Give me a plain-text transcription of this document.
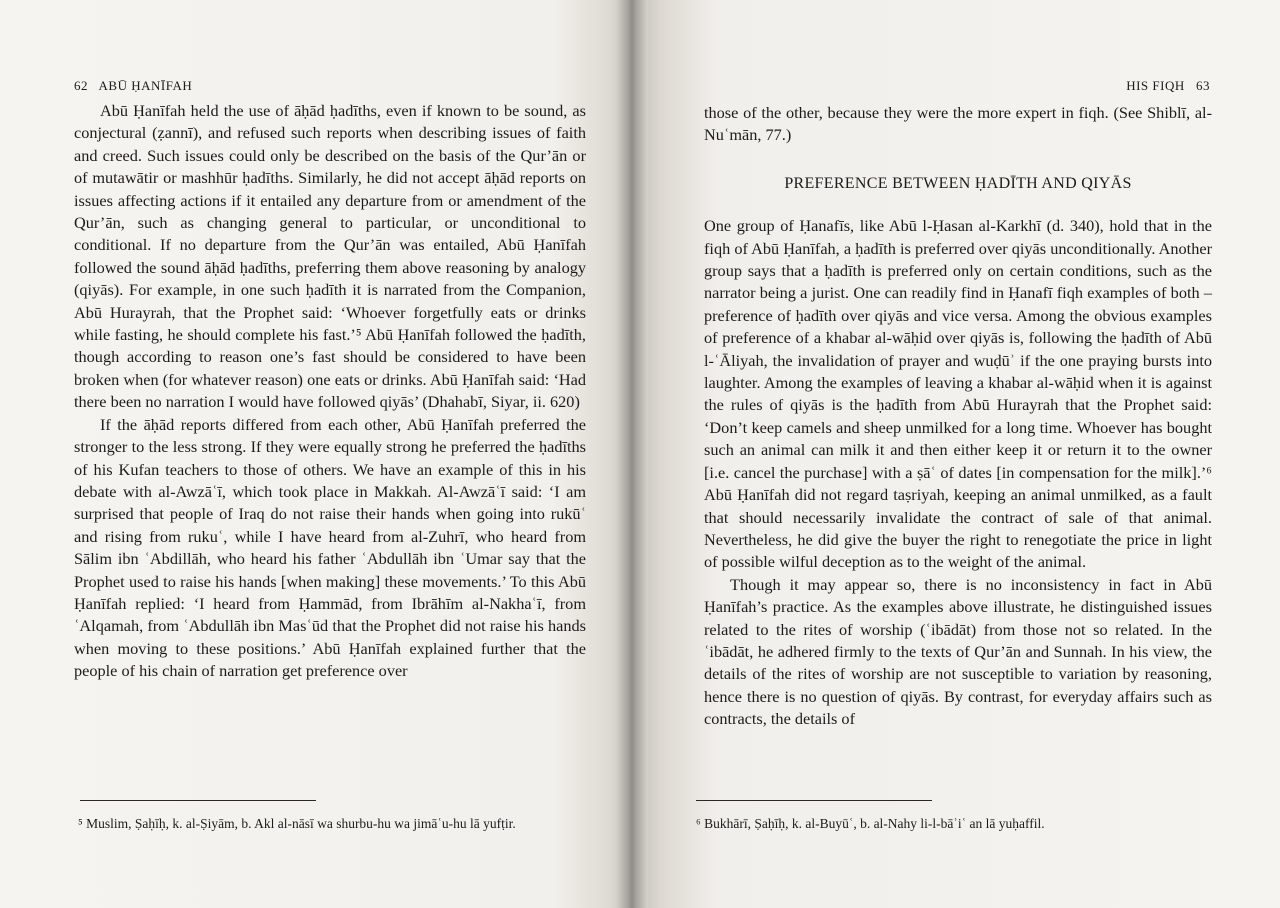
62 ABŪ ḤANĪFAH

Abū Ḥanīfah held the use of āḥād ḥadīths, even if known to be sound, as conjectural (ẓannī), and refused such reports when describing issues of faith and creed. Such issues could only be described on the basis of the Qur’ān or of mutawātir or mashhūr ḥadīths. Similarly, he did not accept āḥād reports on issues affecting actions if it entailed any departure from or amendment of the Qur’ān, such as changing general to particular, or unconditional to conditional. If no departure from the Qur’ān was entailed, Abū Ḥanīfah followed the sound āḥād ḥadīths, preferring them above reasoning by analogy (qiyās). For example, in one such ḥadīth it is narrated from the Companion, Abū Hurayrah, that the Prophet said: ‘Whoever forgetfully eats or drinks while fasting, he should complete his fast.’⁵ Abū Ḥanīfah followed the ḥadīth, though according to reason one’s fast should be considered to have been broken when (for whatever reason) one eats or drinks. Abū Ḥanīfah said: ‘Had there been no narration I would have followed qiyās’ (Dhahabī, Siyar, ii. 620)

If the āḥād reports differed from each other, Abū Ḥanīfah preferred the stronger to the less strong. If they were equally strong he preferred the ḥadīths of his Kufan teachers to those of others. We have an example of this in his debate with al-Awzāʿī, which took place in Makkah. Al-Awzāʿī said: ‘I am surprised that people of Iraq do not raise their hands when going into rukūʿ and rising from rukuʿ, while I have heard from al-Zuhrī, who heard from Sālim ibn ʿAbdillāh, who heard his father ʿAbdullāh ibn ʿUmar say that the Prophet used to raise his hands [when making] these movements.’ To this Abū Ḥanīfah replied: ‘I heard from Ḥammād, from Ibrāhīm al-Nakhaʿī, from ʿAlqamah, from ʿAbdullāh ibn Masʿūd that the Prophet did not raise his hands when moving to these positions.’ Abū Ḥanīfah explained further that the people of his chain of narration get preference over

⁵ Muslim, Ṣaḥīḥ, k. al-Ṣiyām, b. Akl al-nāsī wa shurbu-hu wa jimāʿu-hu lā yufṭir.
HIS FIQH 63

those of the other, because they were the more expert in fiqh. (See Shiblī, al-Nuʿmān, 77.)

PREFERENCE BETWEEN ḤADĪTH AND QIYĀS

One group of Ḥanafīs, like Abū l-Ḥasan al-Karkhī (d. 340), hold that in the fiqh of Abū Ḥanīfah, a ḥadīth is preferred over qiyās unconditionally. Another group says that a ḥadīth is preferred only on certain conditions, such as the narrator being a jurist. One can readily find in Ḥanafī fiqh examples of both – preference of ḥadīth over qiyās and vice versa. Among the obvious examples of preference of a khabar al-wāḥid over qiyās is, following the ḥadīth of Abū l-ʿĀliyah, the invalidation of prayer and wuḍūʾ if the one praying bursts into laughter. Among the examples of leaving a khabar al-wāḥid when it is against the rules of qiyās is the ḥadīth from Abū Hurayrah that the Prophet said: ‘Don’t keep camels and sheep unmilked for a long time. Whoever has bought such an animal can milk it and then either keep it or return it to the owner [i.e. cancel the purchase] with a ṣāʿ of dates [in compensation for the milk].’⁶ Abū Ḥanīfah did not regard taṣriyah, keeping an animal unmilked, as a fault that should necessarily invalidate the contract of sale of that animal. Nevertheless, he did give the buyer the right to renegotiate the price in light of possible wilful deception as to the weight of the animal.

Though it may appear so, there is no inconsistency in fact in Abū Ḥanīfah’s practice. As the examples above illustrate, he distinguished issues related to the rites of worship (ʿibādāt) from those not so related. In the ʿibādāt, he adhered firmly to the texts of Qur’ān and Sunnah. In his view, the details of the rites of worship are not susceptible to variation by reasoning, hence there is no question of qiyās. By contrast, for everyday affairs such as contracts, the details of

⁶ Bukhārī, Ṣaḥīḥ, k. al-Buyūʿ, b. al-Nahy li-l-bāʾiʿ an lā yuḥaffil.
